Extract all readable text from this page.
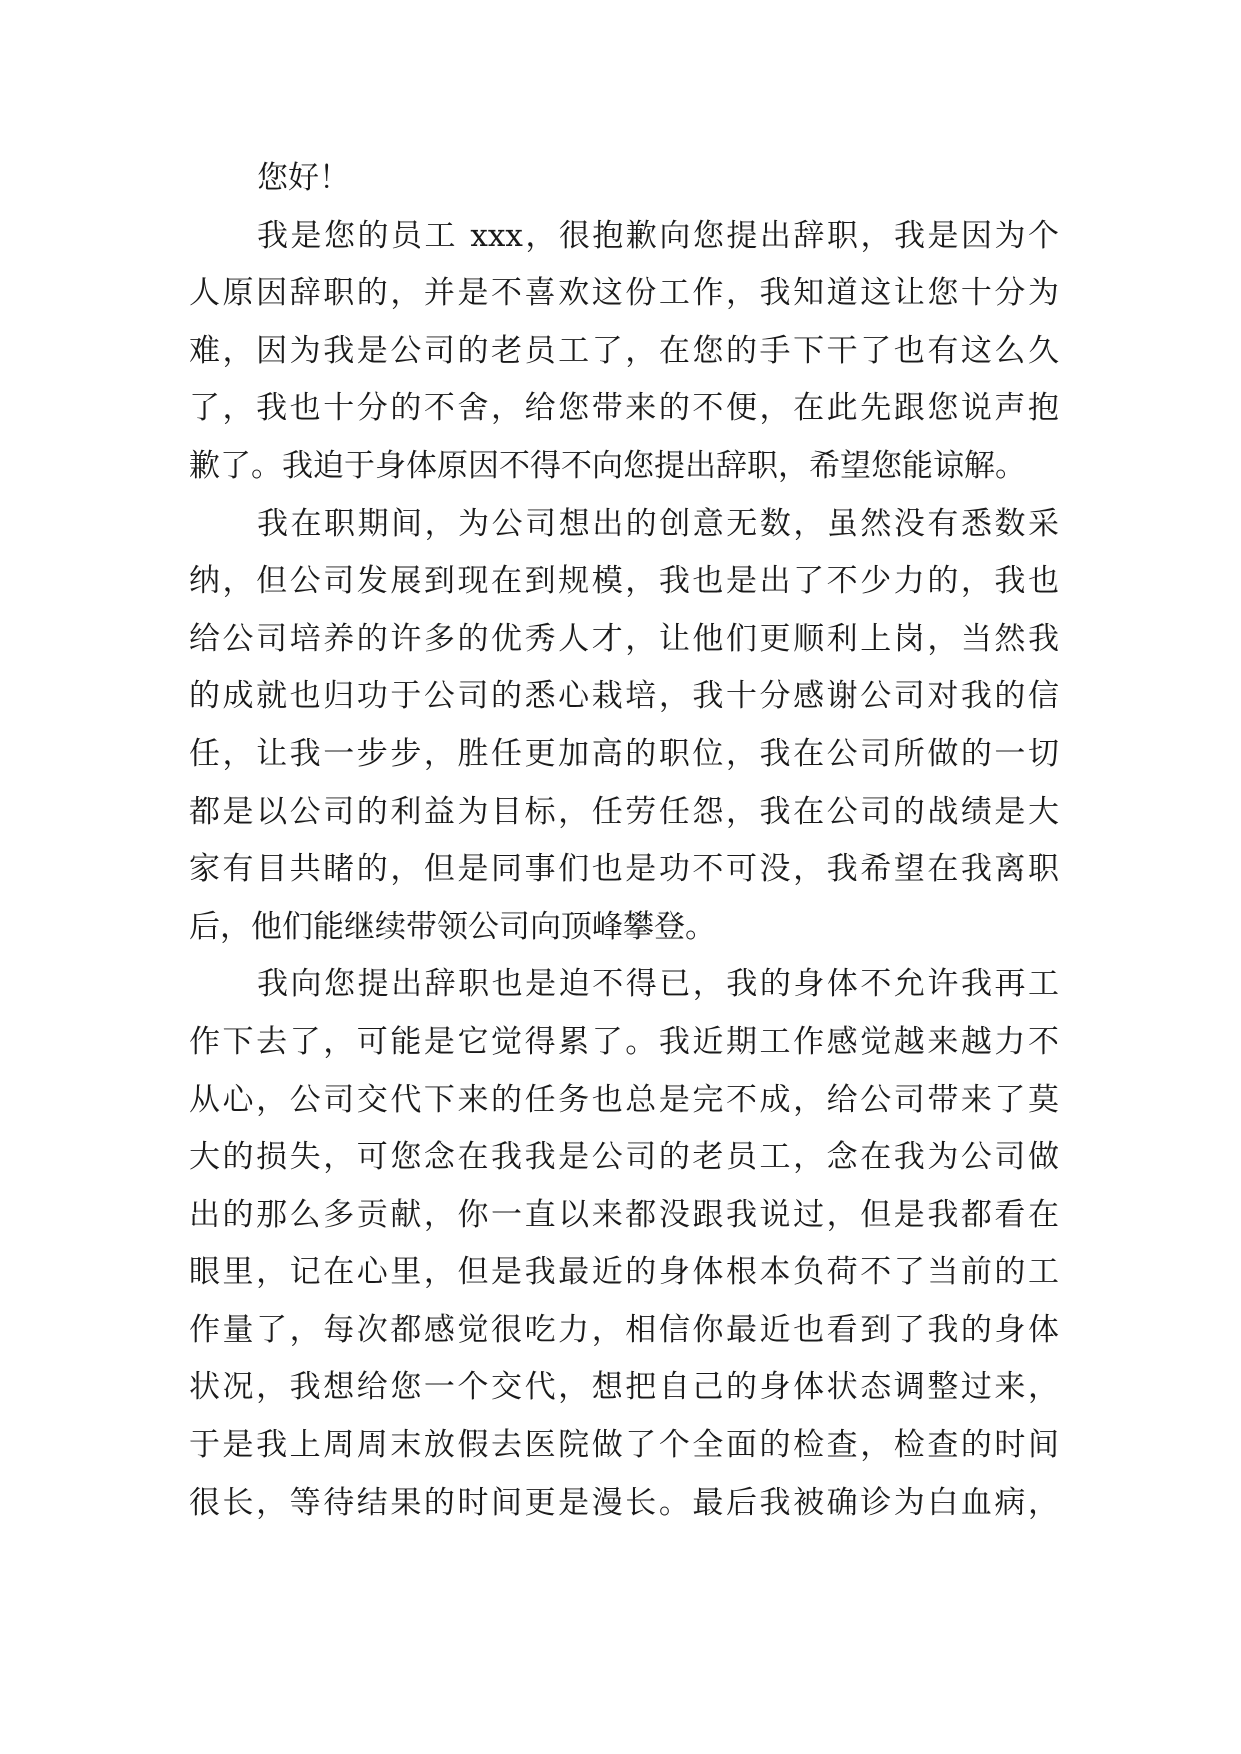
您好！
我是您的员工 xxx，很抱歉向您提出辞职，我是因为个
人原因辞职的，并是不喜欢这份工作，我知道这让您十分为
难，因为我是公司的老员工了，在您的手下干了也有这么久
了，我也十分的不舍，给您带来的不便，在此先跟您说声抱
歉了。我迫于身体原因不得不向您提出辞职，希望您能谅解。
我在职期间，为公司想出的创意无数，虽然没有悉数采
纳，但公司发展到现在到规模，我也是出了不少力的，我也
给公司培养的许多的优秀人才，让他们更顺利上岗，当然我
的成就也归功于公司的悉心栽培，我十分感谢公司对我的信
任，让我一步步，胜任更加高的职位，我在公司所做的一切
都是以公司的利益为目标，任劳任怨，我在公司的战绩是大
家有目共睹的，但是同事们也是功不可没，我希望在我离职
后，他们能继续带领公司向顶峰攀登。
我向您提出辞职也是迫不得已，我的身体不允许我再工
作下去了，可能是它觉得累了。我近期工作感觉越来越力不
从心，公司交代下来的任务也总是完不成，给公司带来了莫
大的损失，可您念在我我是公司的老员工，念在我为公司做
出的那么多贡献，你一直以来都没跟我说过，但是我都看在
眼里，记在心里，但是我最近的身体根本负荷不了当前的工
作量了，每次都感觉很吃力，相信你最近也看到了我的身体
状况，我想给您一个交代，想把自己的身体状态调整过来，
于是我上周周末放假去医院做了个全面的检查，检查的时间
很长，等待结果的时间更是漫长。最后我被确诊为白血病，
